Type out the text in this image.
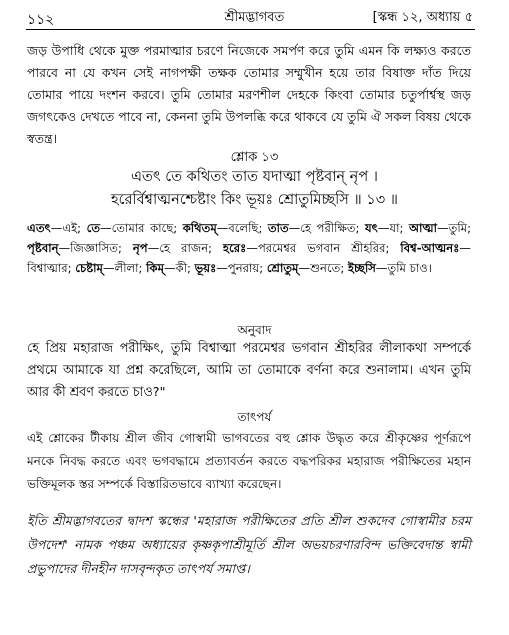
১১২	শ্রীমদ্ভাগবত	[স্কন্ধ ১২, অধ্যায় ৫
জড় উপাধি থেকে মুক্ত পরমাত্মার চরণে নিজেকে সমর্পণ করে তুমি এমন কি লক্ষ্যও করতে পারবে না যে কখন সেই নাগপক্ষী তক্ষক তোমার সম্মুখীন হয়ে তার বিষাক্ত দাঁত দিয়ে তোমার পায়ে দংশন করবে। তুমি তোমার মরণশীল দেহকে কিংবা তোমার চতুর্পার্শ্বস্থ জড় জগৎকেও দেখতে পাবে না, কেননা তুমি উপলব্ধি করে থাকবে যে তুমি ঐ সকল বিষয় থেকে স্বতন্ত্র।
শ্লোক ১৩
এতৎ তে কথিতং তাত যদাত্মা পৃষ্টবান্ নৃপ ।
হরের্বিশ্বাত্মনশ্চেষ্টাং কিং ভূয়ঃ শ্রোতুমিচ্ছসি ॥ ১৩ ॥
এতৎ—এই; তে—তোমার কাছে; কথিতম্—বলেছি; তাত—হে পরীক্ষিত; যৎ—যা; আত্মা—তুমি; পৃষ্টবান্—জিজ্ঞাসিত; নৃপ—হে রাজন; হরেঃ—পরমেশ্বর ভগবান শ্রীহরির; বিশ্ব-আত্মনঃ—বিশ্বাত্মার; চেষ্টাম্—লীলা; কিম্—কী; ভূয়ঃ—পুনরায়; শ্রোতুম্—শুনতে; ইচ্ছসি—তুমি চাও।
অনুবাদ
হে প্রিয় মহারাজ পরীক্ষিৎ, তুমি বিশ্বাত্মা পরমেশ্বর ভগবান শ্রীহরির লীলাকথা সম্পর্কে প্রথমে আমাকে যা প্রশ্ন করেছিলে, আমি তা তোমাকে বর্ণনা করে শুনালাম। এখন তুমি আর কী শ্রবণ করতে চাও?"
তাৎপর্য
এই শ্লোকের টীকায় শ্রীল জীব গোস্বামী ভাগবতের বহু শ্লোক উদ্ধৃত করে শ্রীকৃষ্ণের পূর্ণরূপে মনকে নিবদ্ধ করতে এবং ভগবদ্ধামে প্রত্যাবর্তন করতে বদ্ধপরিকর মহারাজ পরীক্ষিতের মহান ভক্তিমূলক স্তর সম্পর্কে বিস্তারিতভাবে ব্যাখ্যা করেছেন।
ইতি শ্রীমদ্ভাগবতের দ্বাদশ স্কন্ধের 'মহারাজ পরীক্ষিতের প্রতি শ্রীল শুকদেব গোস্বামীর চরম উপদেশ' নামক পঞ্চম অধ্যায়ের কৃষ্ণকৃপাশ্রীমূর্তি শ্রীল অভয়চরণারবিন্দ ভক্তিবেদান্ত স্বামী প্রভুপাদের দীনহীন দাসবৃন্দকৃত তাৎপর্য সমাপ্ত।
